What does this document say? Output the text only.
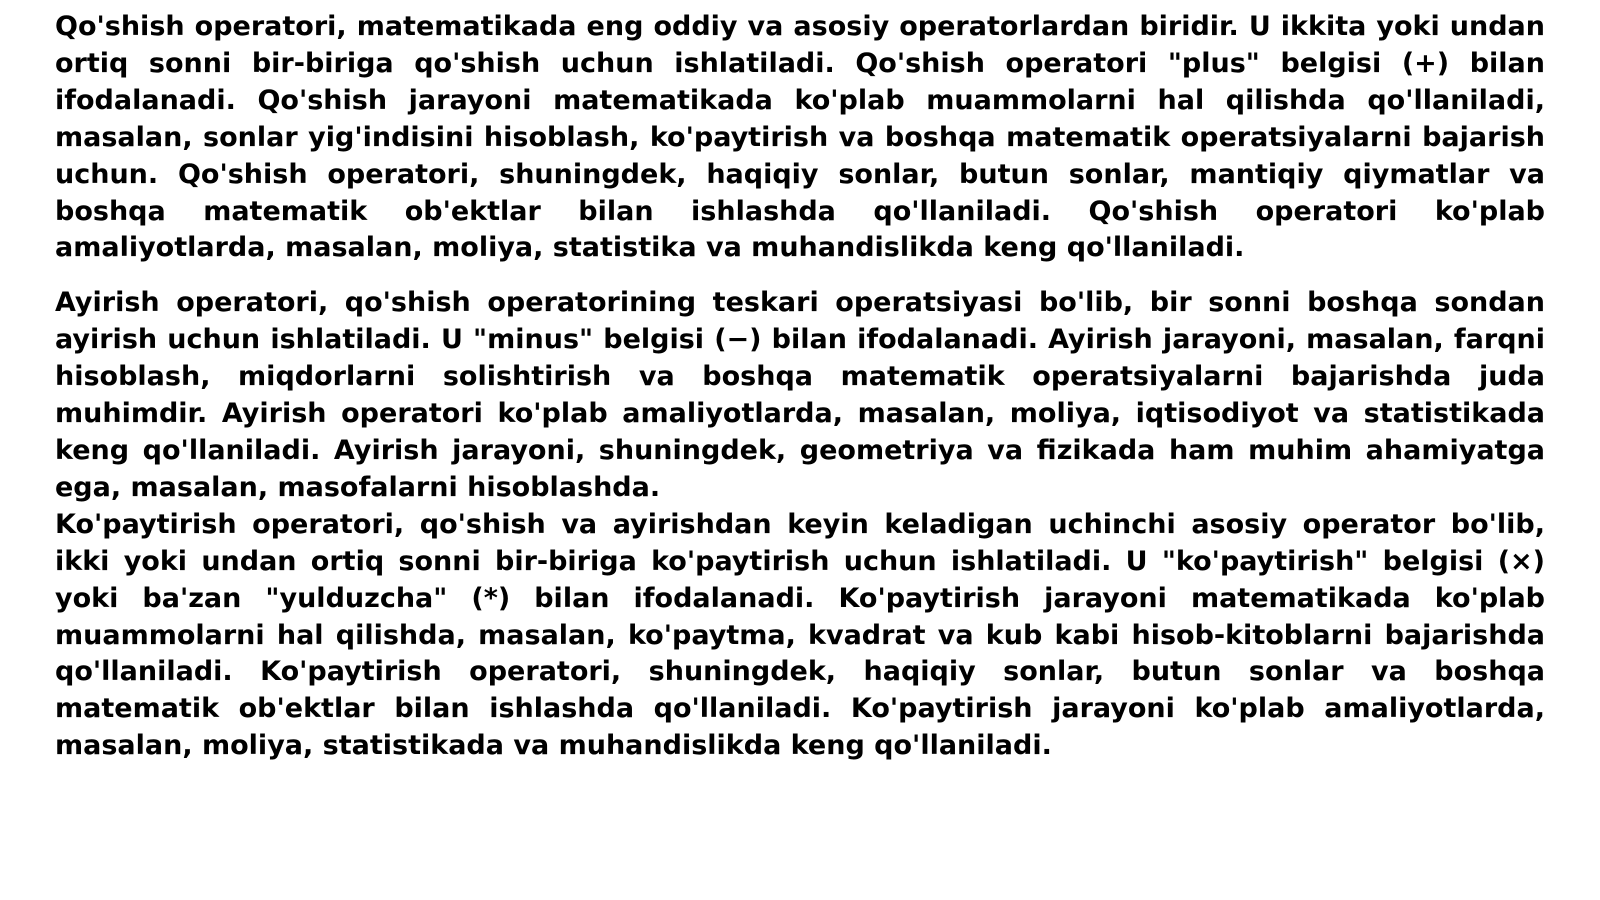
Qo'shish operatori, matematikada eng oddiy va asosiy operatorlardan biridir. U ikkita yoki undan ortiq sonni bir-biriga qo'shish uchun ishlatiladi. Qo'shish operatori "plus" belgisi (+) bilan ifodalanadi. Qo'shish jarayoni matematikada ko'plab muammolarni hal qilishda qo'llaniladi, masalan, sonlar yig'indisini hisoblash, ko'paytirish va boshqa matematik operatsiyalarni bajarish uchun. Qo'shish operatori, shuningdek, haqiqiy sonlar, butun sonlar, mantiqiy qiymatlar va boshqa matematik ob'ektlar bilan ishlashda qo'llaniladi. Qo'shish operatori ko'plab amaliyotlarda, masalan, moliya, statistika va muhandislikda keng qo'llaniladi.

Ayirish operatori, qo'shish operatorining teskari operatsiyasi bo'lib, bir sonni boshqa sondan ayirish uchun ishlatiladi. U "minus" belgisi (−) bilan ifodalanadi. Ayirish jarayoni, masalan, farqni hisoblash, miqdorlarni solishtirish va boshqa matematik operatsiyalarni bajarishda juda muhimdir. Ayirish operatori ko'plab amaliyotlarda, masalan, moliya, iqtisodiyot va statistikada keng qo'llaniladi. Ayirish jarayoni, shuningdek, geometriya va fizikada ham muhim ahamiyatga ega, masalan, masofalarni hisoblashda.

Ko'paytirish operatori, qo'shish va ayirishdan keyin keladigan uchinchi asosiy operator bo'lib, ikki yoki undan ortiq sonni bir-biriga ko'paytirish uchun ishlatiladi. U "ko'paytirish" belgisi (×) yoki ba'zan "yulduzcha" (*) bilan ifodalanadi. Ko'paytirish jarayoni matematikada ko'plab muammolarni hal qilishda, masalan, ko'paytma, kvadrat va kub kabi hisob-kitoblarni bajarishda qo'llaniladi. Ko'paytirish operatori, shuningdek, haqiqiy sonlar, butun sonlar va boshqa matematik ob'ektlar bilan ishlashda qo'llaniladi. Ko'paytirish jarayoni ko'plab amaliyotlarda, masalan, moliya, statistikada va muhandislikda keng qo'llaniladi.
